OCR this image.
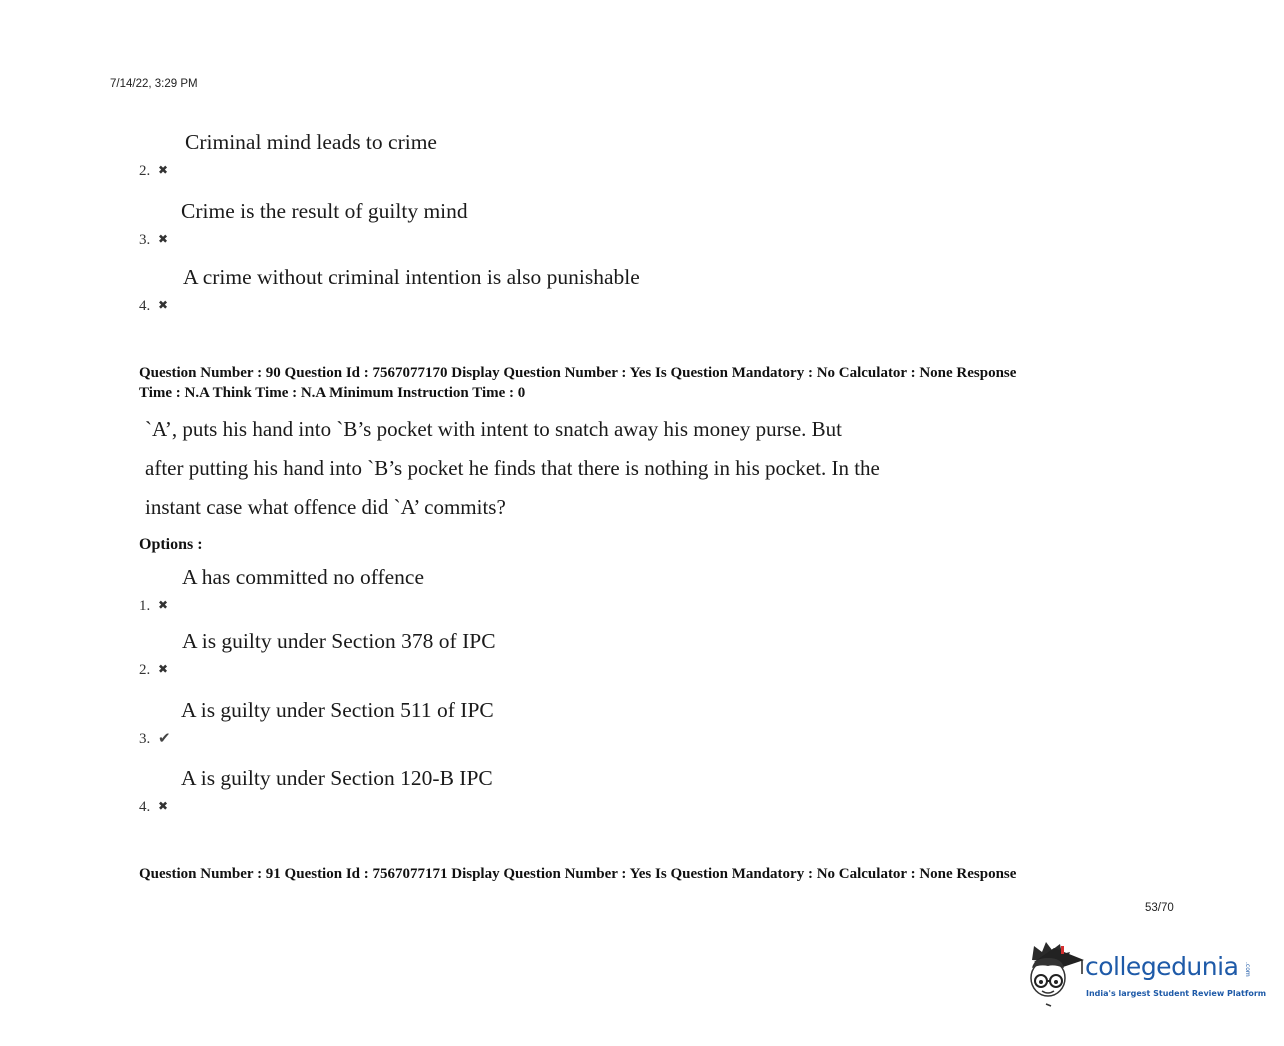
7/14/22, 3:29 PM
2. ✖
Criminal mind leads to crime
3. ✖
Crime is the result of guilty mind
4. ✖
A crime without criminal intention is also punishable
Question Number : 90 Question Id : 7567077170 Display Question Number : Yes Is Question Mandatory : No Calculator : None Response
Time : N.A Think Time : N.A Minimum Instruction Time : 0
`A’, puts his hand into `B’s pocket with intent to snatch away his money purse. But
after putting his hand into `B’s pocket he finds that there is nothing in his pocket. In the
instant case what offence did `A’ commits?
Options :
1. ✖
A has committed no offence
2. ✖
A is guilty under Section 378 of IPC
3. ✔
A is guilty under Section 511 of IPC
4. ✖
A is guilty under Section 120-B IPC
Question Number : 91 Question Id : 7567077171 Display Question Number : Yes Is Question Mandatory : No Calculator : None Response
53/70
collegedunia .com
India's largest Student Review Platform
